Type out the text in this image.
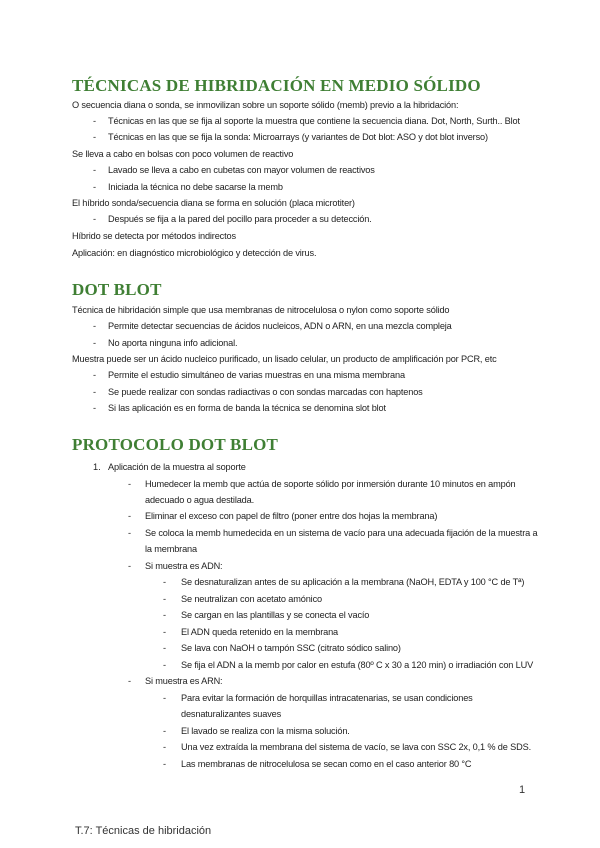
TÉCNICAS DE HIBRIDACIÓN EN MEDIO SÓLIDO
O secuencia diana o sonda, se inmovilizan sobre un soporte sólido (memb) previo a la hibridación:
- Técnicas en las que se fija al soporte la muestra que contiene la secuencia diana. Dot, North, Surth.. Blot
- Técnicas en las que se fija la sonda: Microarrays (y variantes de Dot blot: ASO y dot blot inverso)
Se lleva a cabo en bolsas con poco volumen de reactivo
- Lavado se lleva a cabo en cubetas con mayor volumen de reactivos
- Iniciada la técnica no debe sacarse la memb
El híbrido sonda/secuencia diana se forma en solución (placa microtiter)
- Después se fija a la pared del pocillo para proceder a su detección.
Híbrido se detecta por métodos indirectos
Aplicación: en diagnóstico microbiológico y detección de virus.
DOT BLOT
Técnica de hibridación simple que usa membranas de nitrocelulosa o nylon como soporte sólido
- Permite detectar secuencias de ácidos nucleicos, ADN o ARN, en una mezcla compleja
- No aporta ninguna info adicional.
Muestra puede ser un ácido nucleico purificado, un lisado celular, un producto de amplificación por PCR, etc
- Permite el estudio simultáneo de varias muestras en una misma membrana
- Se puede realizar con sondas radiactivas o con sondas marcadas con haptenos
- Si las aplicación es en forma de banda la técnica se denomina slot blot
PROTOCOLO DOT BLOT
1. Aplicación de la muestra al soporte
- Humedecer la memb que actúa de soporte sólido por inmersión durante 10 minutos en ampón
adecuado o agua destilada.
- Eliminar el exceso con papel de filtro (poner entre dos hojas la membrana)
- Se coloca la memb humedecida en un sistema de vacío para una adecuada fijación de la muestra a
la membrana
- Si muestra es ADN:
- Se desnaturalizan antes de su aplicación a la membrana (NaOH, EDTA y 100 °C de Tª)
- Se neutralizan con acetato amónico
- Se cargan en las plantillas y se conecta el vacío
- El ADN queda retenido en la membrana
- Se lava con NaOH o tampón SSC (citrato sódico salino)
- Se fija el ADN a la memb por calor en estufa (80º C x 30 a 120 min) o irradiación con LUV
- Si muestra es ARN:
- Para evitar la formación de horquillas intracatenarias, se usan condiciones
desnaturalizantes suaves
- El lavado se realiza con la misma solución.
- Una vez extraída la membrana del sistema de vacío, se lava con SSC 2x, 0,1 % de SDS.
- Las membranas de nitrocelulosa se secan como en el caso anterior 80 °C
1
T.7: Técnicas de hibridación
